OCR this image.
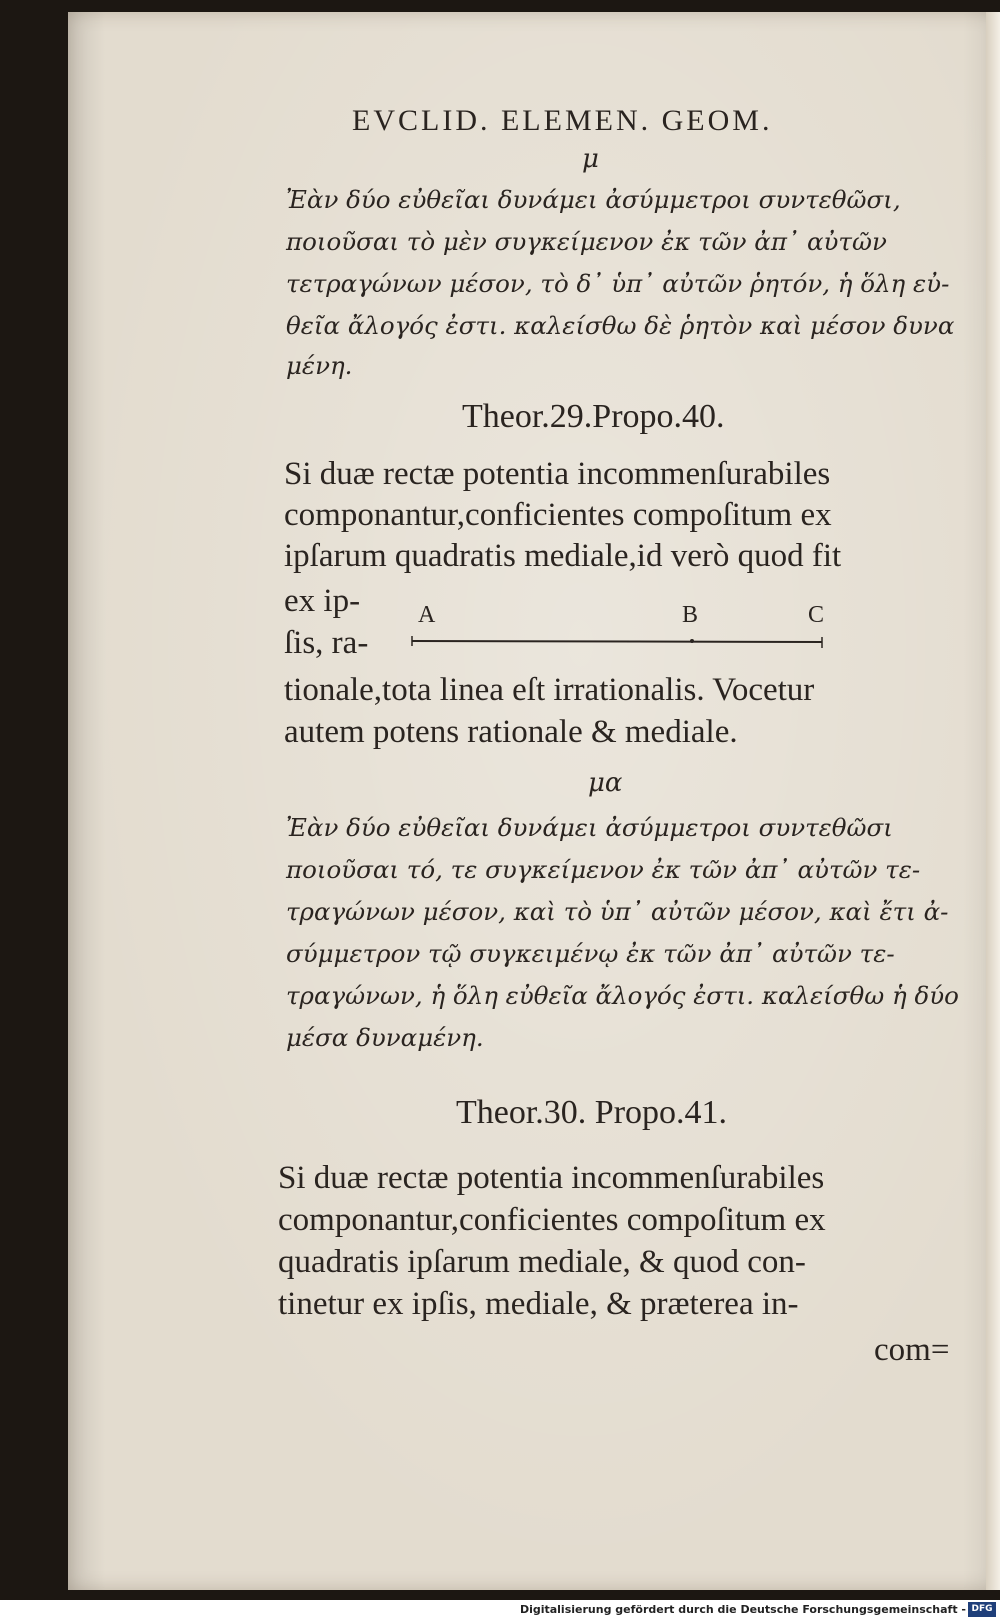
EVCLID. ELEMEN. GEOM.
μ
Ἐὰν δύο εὐθεῖαι δυνάμει ἀσύμμετροι συντεθῶσι,
ποιοῦσαι τὸ μὲν συγκείμενον ἐκ τῶν ἀπ᾽ αὐτῶν
τετραγώνων μέσον, τὸ δ᾽ ὑπ᾽ αὐτῶν ῥητόν, ἡ ὅλη εὐ-
θεῖα ἄλογός ἐστι. καλείσθω δὲ ῥητὸν καὶ μέσον δυνα
μένη.
Theor.29.Propo.40.
Si duæ rectæ potentia incommenſurabiles
componantur,conficientes compoſitum ex
ipſarum quadratis mediale,id verò quod fit
ex ip-
ſis, ra-
A	B	C
tionale,tota linea eſt irrationalis. Vocetur
autem potens rationale & mediale.
μα
Ἐὰν δύο εὐθεῖαι δυνάμει ἀσύμμετροι συντεθῶσι
ποιοῦσαι τό, τε συγκείμενον ἐκ τῶν ἀπ᾽ αὐτῶν τε-
τραγώνων μέσον, καὶ τὸ ὑπ᾽ αὐτῶν μέσον, καὶ ἔτι ἀ-
σύμμετρον τῷ συγκειμένῳ ἐκ τῶν ἀπ᾽ αὐτῶν τε-
τραγώνων, ἡ ὅλη εὐθεῖα ἄλογός ἐστι. καλείσθω ἡ δύο
μέσα δυναμένη.
Theor.30. Propo.41.
Si duæ rectæ potentia incommenſurabiles
componantur,conficientes compoſitum ex
quadratis ipſarum mediale, & quod con-
tinetur ex ipſis, mediale, & præterea in-
com=
Digitalisierung gefördert durch die Deutsche Forschungsgemeinschaft - DFG
